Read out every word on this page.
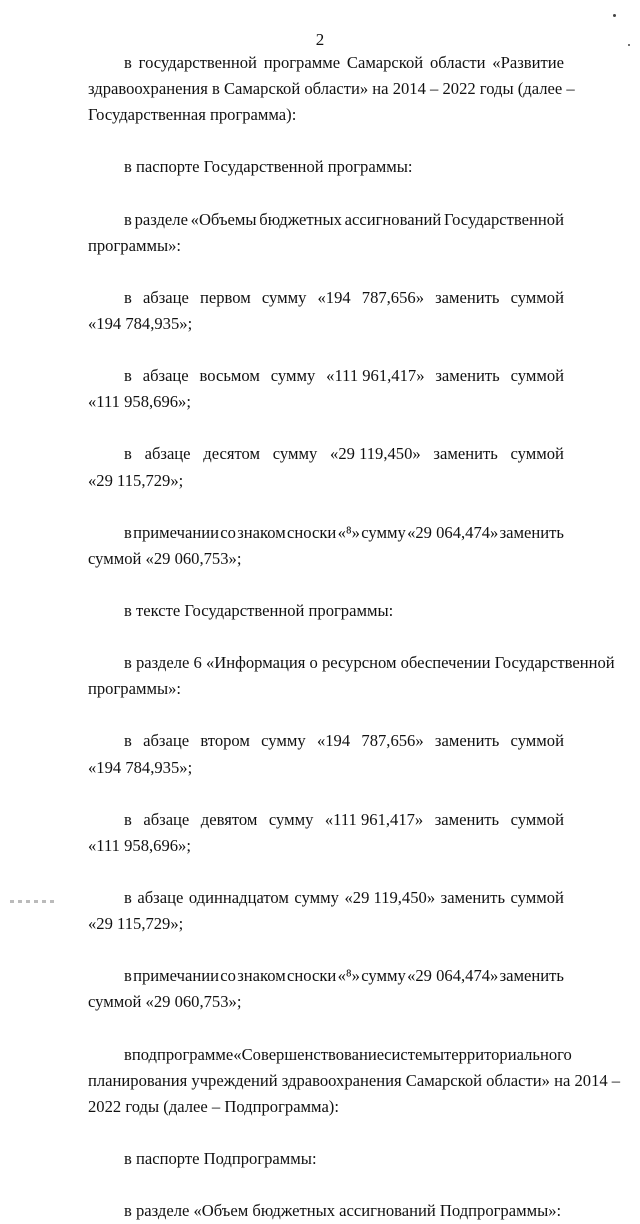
2
в государственной программе Самарской области «Развитие
здравоохранения в Самарской области» на 2014 – 2022 годы (далее –
Государственная программа):
в паспорте Государственной программы:
в разделе «Объемы бюджетных ассигнований Государственной
программы»:
в абзаце первом сумму «194 787,656» заменить суммой
«194 784,935»;
в абзаце восьмом сумму «111 961,417» заменить суммой
«111 958,696»;
в абзаце десятом сумму «29 119,450» заменить суммой
«29 115,729»;
в примечании со знаком сноски «⁸» сумму «29 064,474» заменить
суммой «29 060,753»;
в тексте Государственной программы:
в разделе 6 «Информация о ресурсном обеспечении Государственной
программы»:
в абзаце втором сумму «194 787,656» заменить суммой
«194 784,935»;
в абзаце девятом сумму «111 961,417» заменить суммой
«111 958,696»;
в абзаце одиннадцатом сумму «29 119,450» заменить суммой
«29 115,729»;
в примечании со знаком сноски «⁸» сумму «29 064,474» заменить
суммой «29 060,753»;
в подпрограмме «Совершенствование системы территориального
планирования учреждений здравоохранения Самарской области» на 2014 –
2022 годы (далее – Подпрограмма):
в паспорте Подпрограммы:
в разделе «Объем бюджетных ассигнований Подпрограммы»:
